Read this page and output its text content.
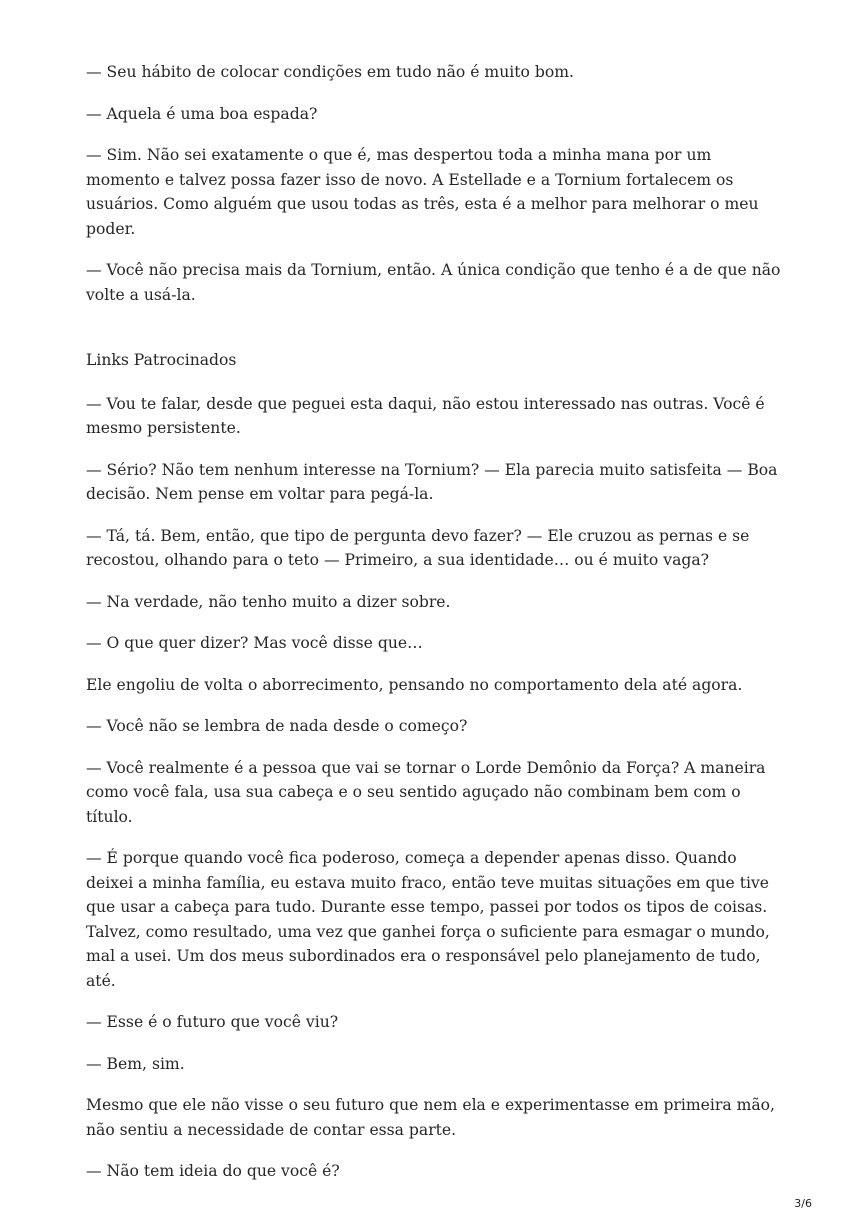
— Seu hábito de colocar condições em tudo não é muito bom.

— Aquela é uma boa espada?

— Sim. Não sei exatamente o que é, mas despertou toda a minha mana por um momento e talvez possa fazer isso de novo. A Estellade e a Tornium fortalecem os usuários. Como alguém que usou todas as três, esta é a melhor para melhorar o meu poder.

— Você não precisa mais da Tornium, então. A única condição que tenho é a de que não volte a usá-la.

Links Patrocinados

— Vou te falar, desde que peguei esta daqui, não estou interessado nas outras. Você é mesmo persistente.

— Sério? Não tem nenhum interesse na Tornium? — Ela parecia muito satisfeita — Boa decisão. Nem pense em voltar para pegá-la.

— Tá, tá. Bem, então, que tipo de pergunta devo fazer? — Ele cruzou as pernas e se recostou, olhando para o teto — Primeiro, a sua identidade… ou é muito vaga?

— Na verdade, não tenho muito a dizer sobre.

— O que quer dizer? Mas você disse que…

Ele engoliu de volta o aborrecimento, pensando no comportamento dela até agora.

— Você não se lembra de nada desde o começo?

— Você realmente é a pessoa que vai se tornar o Lorde Demônio da Força? A maneira como você fala, usa sua cabeça e o seu sentido aguçado não combinam bem com o título.

— É porque quando você fica poderoso, começa a depender apenas disso. Quando deixei a minha família, eu estava muito fraco, então teve muitas situações em que tive que usar a cabeça para tudo. Durante esse tempo, passei por todos os tipos de coisas. Talvez, como resultado, uma vez que ganhei força o suficiente para esmagar o mundo, mal a usei. Um dos meus subordinados era o responsável pelo planejamento de tudo, até.

— Esse é o futuro que você viu?

— Bem, sim.

Mesmo que ele não visse o seu futuro que nem ela e experimentasse em primeira mão, não sentiu a necessidade de contar essa parte.

— Não tem ideia do que você é?

3/6
